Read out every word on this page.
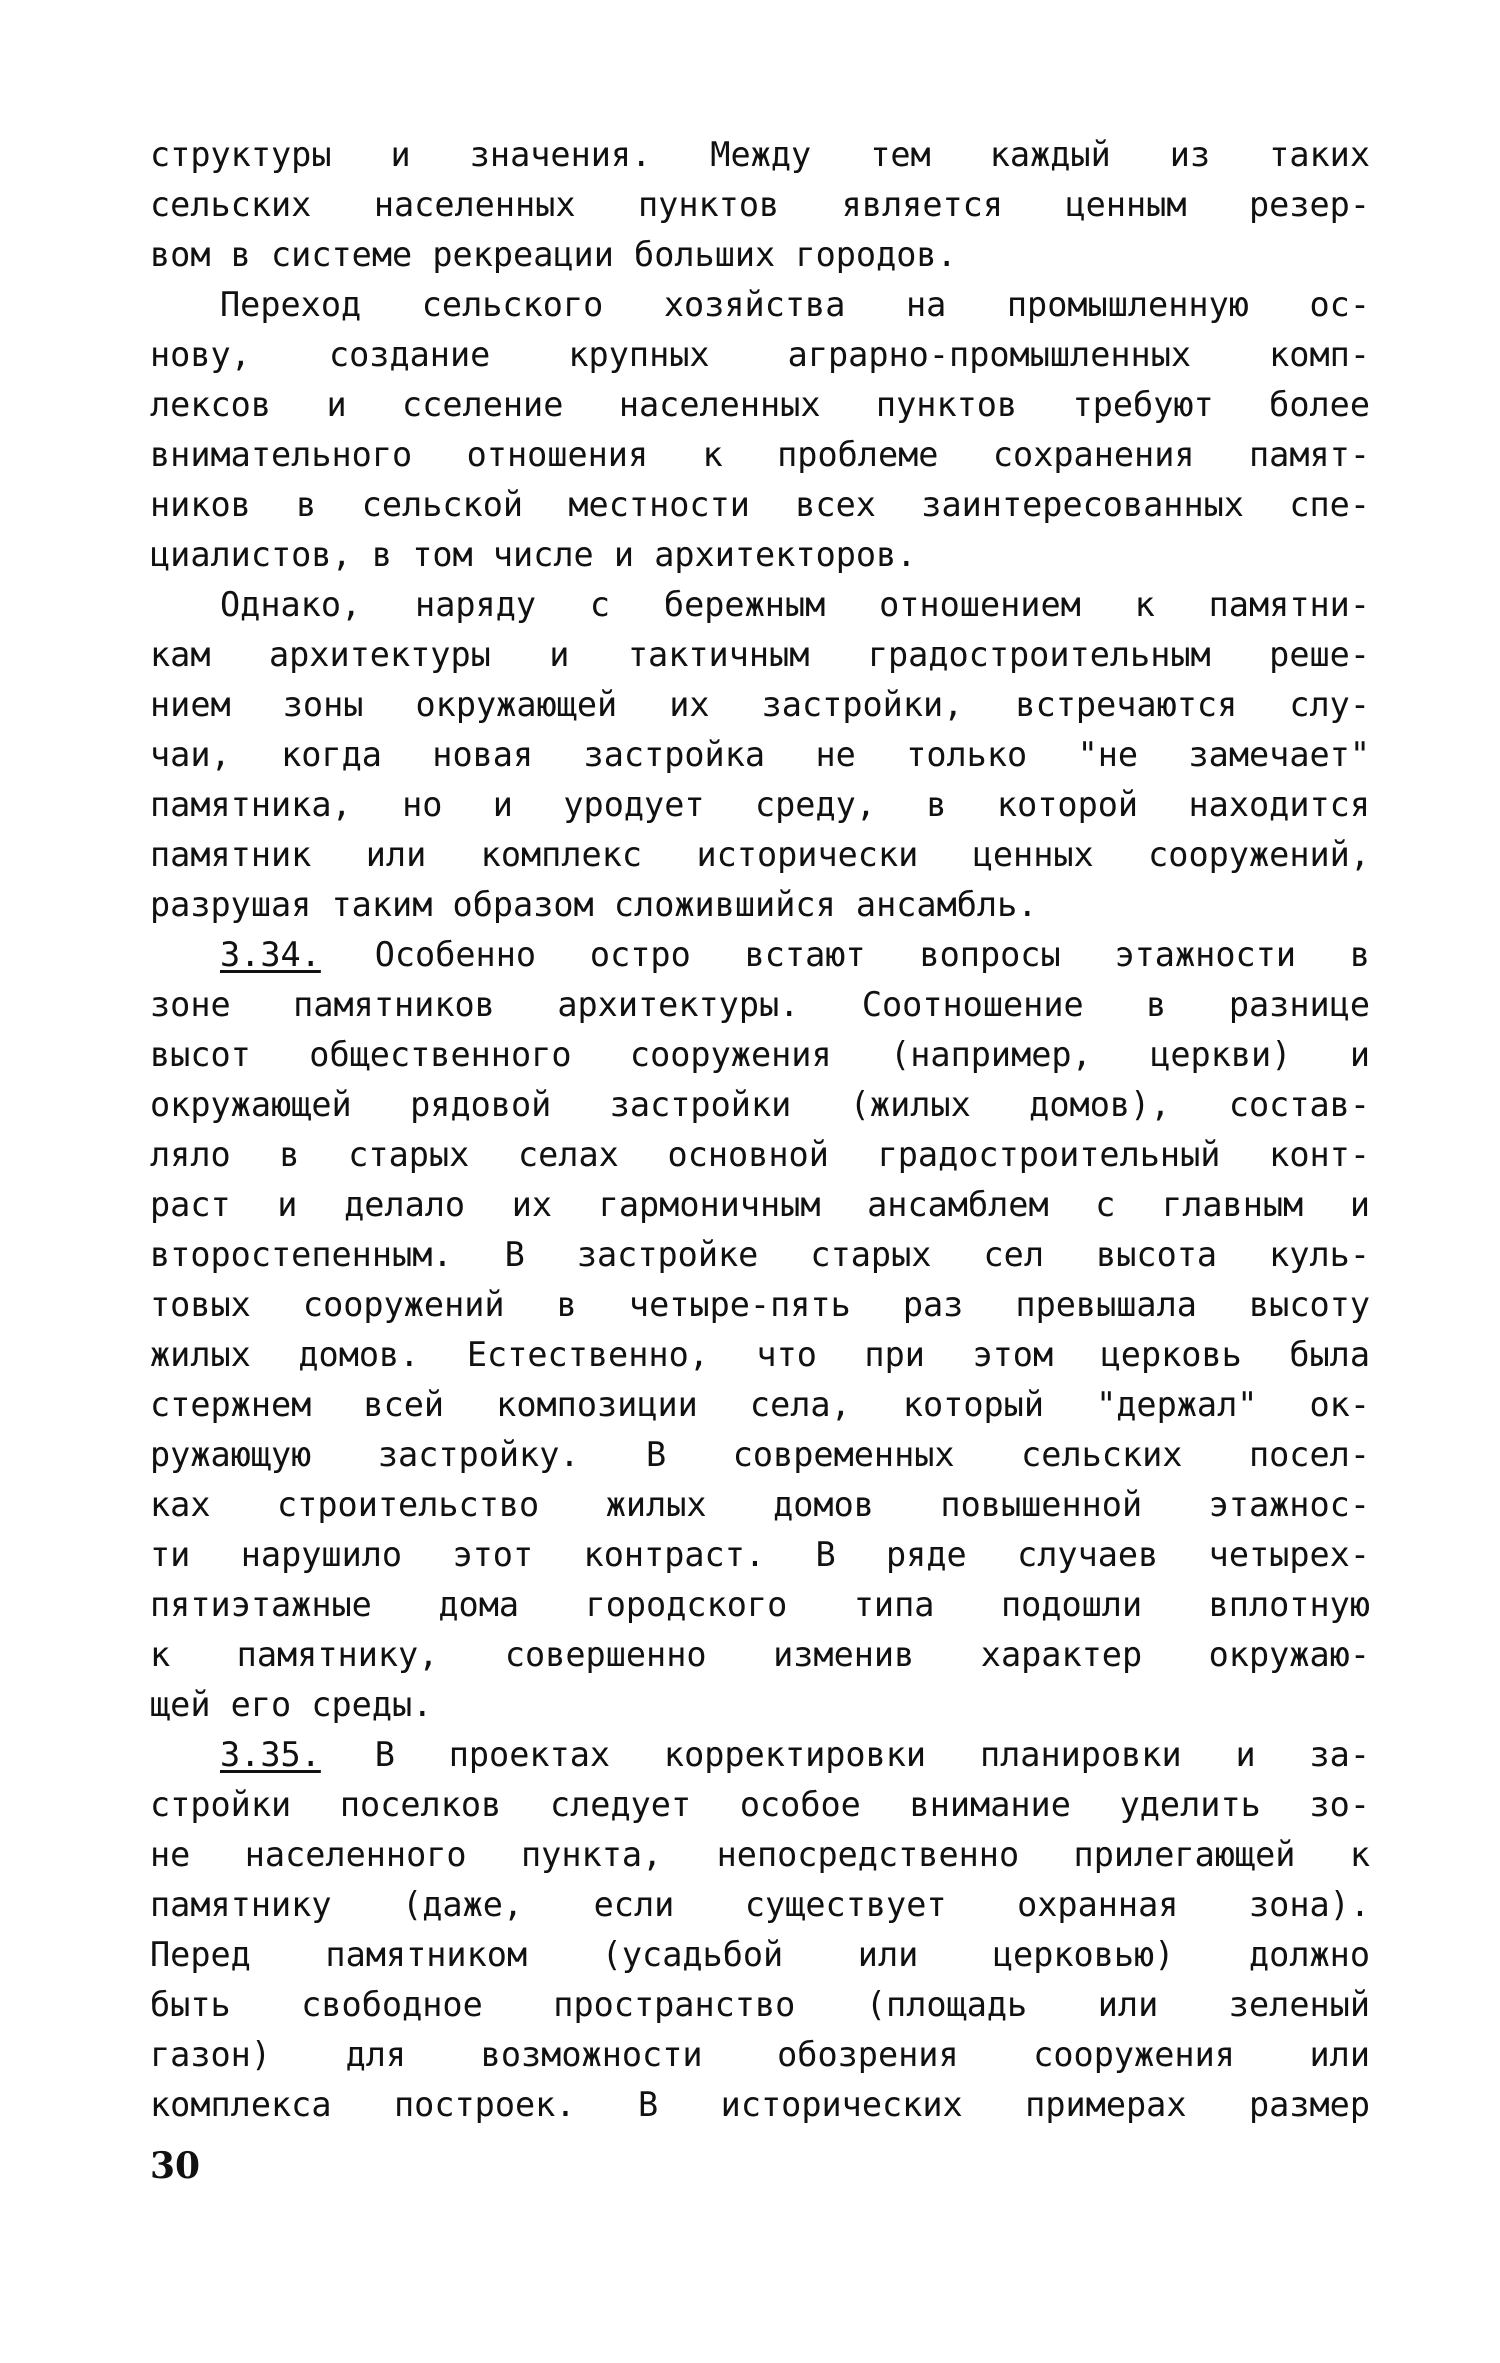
структуры и значения. Между тем каждый из таких
сельских населенных пунктов является ценным резер-
вом в системе рекреации больших городов.

Переход сельского хозяйства на промышленную ос-
нову, создание крупных аграрно-промышленных комп-
лексов и сселение населенных пунктов требуют более
внимательного отношения к проблеме сохранения памят-
ников в сельской местности всех заинтересованных спе-
циалистов, в том числе и архитекторов.

Однако, наряду с бережным отношением к памятни-
кам архитектуры и тактичным градостроительным реше-
нием зоны окружающей их застройки, встречаются слу-
чаи, когда новая застройка не только "не замечает"
памятника, но и уродует среду, в которой находится
памятник или комплекс исторически ценных сооружений,
разрушая таким образом сложившийся ансамбль.

3.34. Особенно остро встают вопросы этажности в
зоне памятников архитектуры. Соотношение в разнице
высот общественного сооружения (например, церкви) и
окружающей рядовой застройки (жилых домов), состав-
ляло в старых селах основной градостроительный конт-
раст и делало их гармоничным ансамблем с главным и
второстепенным. В застройке старых сел высота куль-
товых сооружений в четыре-пять раз превышала высоту
жилых домов. Естественно, что при этом церковь была
стержнем всей композиции села, который "держал" ок-
ружающую застройку. В современных сельских посел-
ках строительство жилых домов повышенной этажнос-
ти нарушило этот контраст. В ряде случаев четырех-
пятиэтажные дома городского типа подошли вплотную
к памятнику, совершенно изменив характер окружаю-
щей его среды.

3.35. В проектах корректировки планировки и за-
стройки поселков следует особое внимание уделить зо-
не населенного пункта, непосредственно прилегающей к
памятнику (даже, если существует охранная зона).
Перед памятником (усадьбой или церковью) должно
быть свободное пространство (площадь или зеленый
газон) для возможности обозрения сооружения или
комплекса построек. В исторических примерах размер

30
